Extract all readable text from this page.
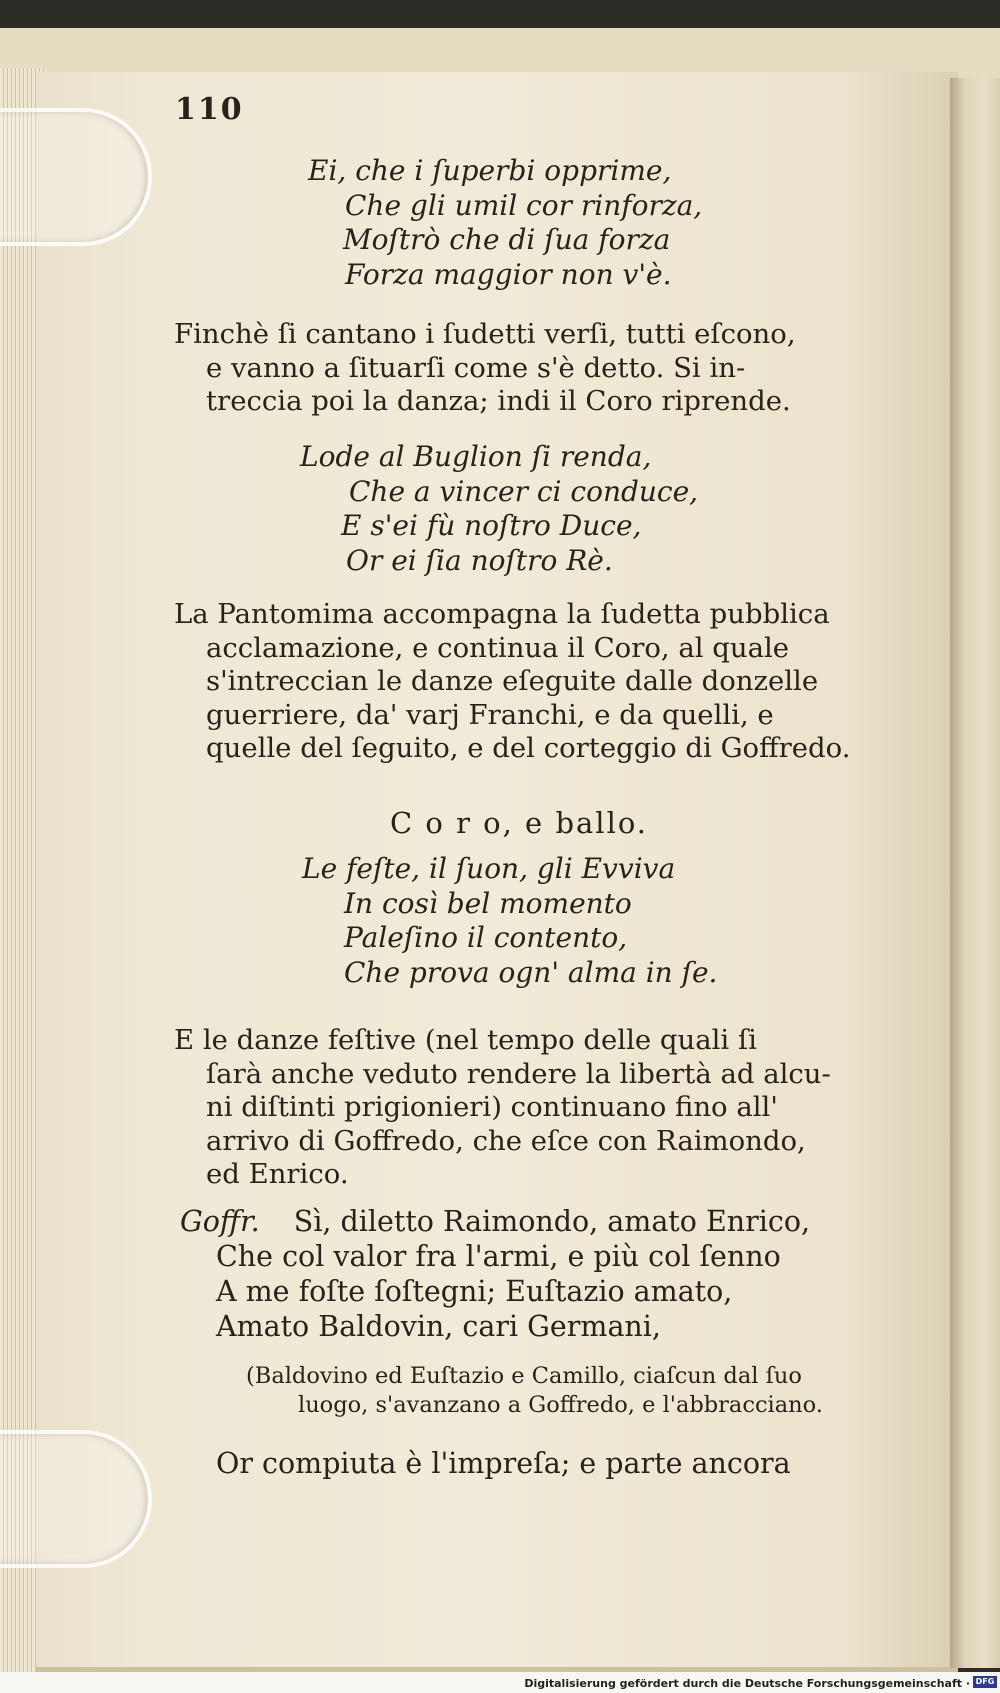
110
Ei, che i ſuperbi opprime,
Che gli umil cor rinforza,
Moſtrò che di ſua forza
Forza maggior non v'è.
Finchè ſi cantano i ſudetti verſi, tutti eſcono,
e vanno a ſituarſi come s'è detto. Si in-
treccia poi la danza; indi il Coro riprende.
Lode al Buglion ſi renda,
Che a vincer ci conduce,
E s'ei fù noſtro Duce,
Or ei ſia noſtro Rè.
La Pantomima accompagna la ſudetta pubblica
acclamazione, e continua il Coro, al quale
s'intreccian le danze eſeguite dalle donzelle
guerriere, da' varj Franchi, e da quelli, e
quelle del ſeguito, e del corteggio di Goffredo.
C o r o, e ballo.
Le feſte, il ſuon, gli Evviva
In così bel momento
Paleſino il contento,
Che prova ogn' alma in ſe.
E le danze feſtive (nel tempo delle quali ſi
ſarà anche veduto rendere la libertà ad alcu-
ni diſtinti prigionieri) continuano fino all'
arrivo di Goffredo, che eſce con Raimondo,
ed Enrico.
Goffr. Sì, diletto Raimondo, amato Enrico,
Che col valor fra l'armi, e più col ſenno
A me foſte ſoſtegni; Euſtazio amato,
Amato Baldovin, cari Germani,
(Baldovino ed Euſtazio e Camillo, ciaſcun dal ſuo
luogo, s'avanzano a Goffredo, e l'abbracciano.
Or compiuta è l'impreſa; e parte ancora
Digitalisierung gefördert durch die Deutsche Forschungsgemeinschaft · DFG
